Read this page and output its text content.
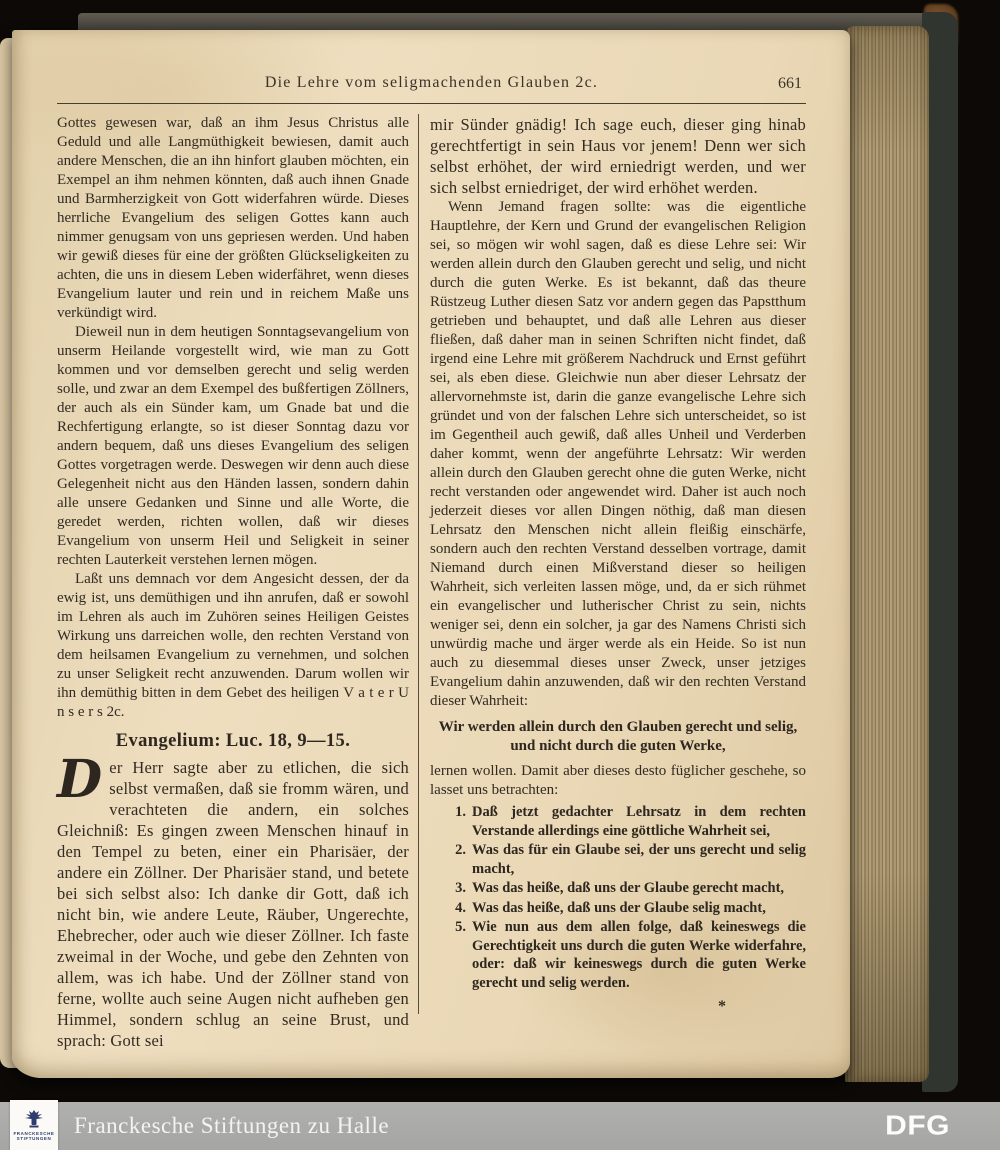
Die Lehre vom seligmachenden Glauben 2c.	661

Gottes gewesen war, daß an ihm Jesus Christus alle Geduld und alle Langmüthigkeit bewiesen, damit auch andere Menschen, die an ihn hinfort glauben möchten, ein Exempel an ihm nehmen könnten, daß auch ihnen Gnade und Barmherzigkeit von Gott widerfahren würde. Dieses herrliche Evangelium des seligen Gottes kann auch nimmer genugsam von uns gepriesen werden. Und haben wir gewiß dieses für eine der größten Glückseligkeiten zu achten, die uns in diesem Leben widerfähret, wenn dieses Evangelium lauter und rein und in reichem Maße uns verkündigt wird.

Dieweil nun in dem heutigen Sonntagsevangelium von unserm Heilande vorgestellt wird, wie man zu Gott kommen und vor demselben gerecht und selig werden solle, und zwar an dem Exempel des bußfertigen Zöllners, der auch als ein Sünder kam, um Gnade bat und die Rechfertigung erlangte, so ist dieser Sonntag dazu vor andern bequem, daß uns dieses Evangelium des seligen Gottes vorgetragen werde. Deswegen wir denn auch diese Gelegenheit nicht aus den Händen lassen, sondern dahin alle unsere Gedanken und Sinne und alle Worte, die geredet werden, richten wollen, daß wir dieses Evangelium von unserm Heil und Seligkeit in seiner rechten Lauterkeit verstehen lernen mögen.

Laßt uns demnach vor dem Angesicht dessen, der da ewig ist, uns demüthigen und ihn anrufen, daß er sowohl im Lehren als auch im Zuhören seines Heiligen Geistes Wirkung uns darreichen wolle, den rechten Verstand von dem heilsamen Evangelium zu vernehmen, und solchen zu unser Seligkeit recht anzuwenden. Darum wollen wir ihn demüthig bitten in dem Gebet des heiligen V a t e r U n s e r s 2c.

Evangelium: Luc. 18, 9—15.

Der Herr sagte aber zu etlichen, die sich selbst vermaßen, daß sie fromm wären, und verachteten die andern, ein solches Gleichniß: Es gingen zween Menschen hinauf in den Tempel zu beten, einer ein Pharisäer, der andere ein Zöllner. Der Pharisäer stand, und betete bei sich selbst also: Ich danke dir Gott, daß ich nicht bin, wie andere Leute, Räuber, Ungerechte, Ehebrecher, oder auch wie dieser Zöllner. Ich faste zweimal in der Woche, und gebe den Zehnten von allem, was ich habe. Und der Zöllner stand von ferne, wollte auch seine Augen nicht aufheben gen Himmel, sondern schlug an seine Brust, und sprach: Gott sei

mir Sünder gnädig! Ich sage euch, dieser ging hinab gerechtfertigt in sein Haus vor jenem! Denn wer sich selbst erhöhet, der wird erniedrigt werden, und wer sich selbst erniedriget, der wird erhöhet werden.

Wenn Jemand fragen sollte: was die eigentliche Hauptlehre, der Kern und Grund der evangelischen Religion sei, so mögen wir wohl sagen, daß es diese Lehre sei: Wir werden allein durch den Glauben gerecht und selig, und nicht durch die guten Werke. Es ist bekannt, daß das theure Rüstzeug Luther diesen Satz vor andern gegen das Papstthum getrieben und behauptet, und daß alle Lehren aus dieser fließen, daß daher man in seinen Schriften nicht findet, daß irgend eine Lehre mit größerem Nachdruck und Ernst geführt sei, als eben diese. Gleichwie nun aber dieser Lehrsatz der allervornehmste ist, darin die ganze evangelische Lehre sich gründet und von der falschen Lehre sich unterscheidet, so ist im Gegentheil auch gewiß, daß alles Unheil und Verderben daher kommt, wenn der angeführte Lehrsatz: Wir werden allein durch den Glauben gerecht ohne die guten Werke, nicht recht verstanden oder angewendet wird. Daher ist auch noch jederzeit dieses vor allen Dingen nöthig, daß man diesen Lehrsatz den Menschen nicht allein fleißig einschärfe, sondern auch den rechten Verstand desselben vortrage, damit Niemand durch einen Mißverstand dieser so heiligen Wahrheit, sich verleiten lassen möge, und, da er sich rühmet ein evangelischer und lutherischer Christ zu sein, nichts weniger sei, denn ein solcher, ja gar des Namens Christi sich unwürdig mache und ärger werde als ein Heide. So ist nun auch zu diesemmal dieses unser Zweck, unser jetziges Evangelium dahin anzuwenden, daß wir den rechten Verstand dieser Wahrheit:

Wir werden allein durch den Glauben gerecht und selig,
und nicht durch die guten Werke,

lernen wollen. Damit aber dieses desto füglicher geschehe, so lasset uns betrachten:

1. Daß jetzt gedachter Lehrsatz in dem rechten Verstande allerdings eine göttliche Wahrheit sei,
2. Was das für ein Glaube sei, der uns gerecht und selig macht,
3. Was das heiße, daß uns der Glaube gerecht macht,
4. Was das heiße, daß uns der Glaube selig macht,
5. Wie nun aus dem allen folge, daß keineswegs die Gerechtigkeit uns durch die guten Werke widerfahre, oder: daß wir keineswegs durch die guten Werke gerecht und selig werden.
*
FRANCKESCHE
STIFTUNGEN
Franckesche Stiftungen zu Halle	DFG
